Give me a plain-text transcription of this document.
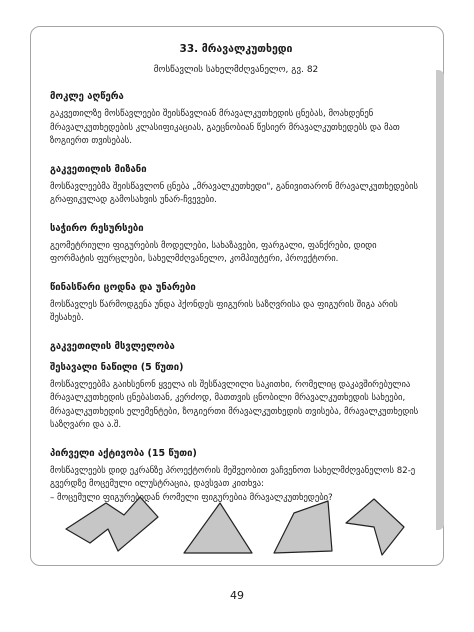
33. მრავალკუთხედი

მოსწავლის სახელმძღვანელო, გვ. 82

მოკლე აღწერა

გაკვეთილზე მოსწავლეები შეისწავლიან მრავალკუთხედის ცნებას, მოახდენენ მრავალკუთხედების კლასიფიკაციას, გაეცნობიან წესიერ მრავალკუთხედებს და მათ ზოგიერთ თვისებას.

გაკვეთილის მიზანი

მოსწავლეებმა შეისწავლონ ცნება „მრავალკუთხედი", განივითარონ მრავალკუთხედების გრაფიკულად გამოსახვის უნარ-ჩვევები.

საჭირო რესურსები

გეომეტრიული ფიგურების მოდელები, სახაზავები, ფარგალი, ფანქრები, დიდი ფორმატის ფურცლები, სახელმძღვანელო, კომპიუტერი, პროექტორი.

წინასწარი ცოდნა და უნარები

მოსწავლეს წარმოდგენა უნდა ჰქონდეს ფიგურის საზღვრისა და ფიგურის შიგა არის შესახებ.

გაკვეთილის მსვლელობა

შესავალი ნაწილი (5 წუთი)

მოსწავლეებმა გაიხსენონ ყველა ის შესწავლილი საკითხი, რომელიც დაკავშირებულია მრავალკუთხედის ცნებასთან, კერძოდ, მათთვის ცნობილი მრავალკუთხედის სახეები, მრავალკუთხედის ელემენტები, ზოგიერთი მრავალკუთხედის თვისება, მრავალკუთხედის საზღვარი და ა.შ.

პირველი აქტივობა (15 წუთი)

მოსწავლეებს დიდ ეკრანზე პროექტორის მეშვეობით ვაჩვენოთ სახელმძღვანელოს 82-ე გვერდზე მოცემული ილუსტრაცია, დავსვათ კითხვა:

– მოცემული ფიგურებიდან რომელი ფიგურებია მრავალკუთხედები?

49
